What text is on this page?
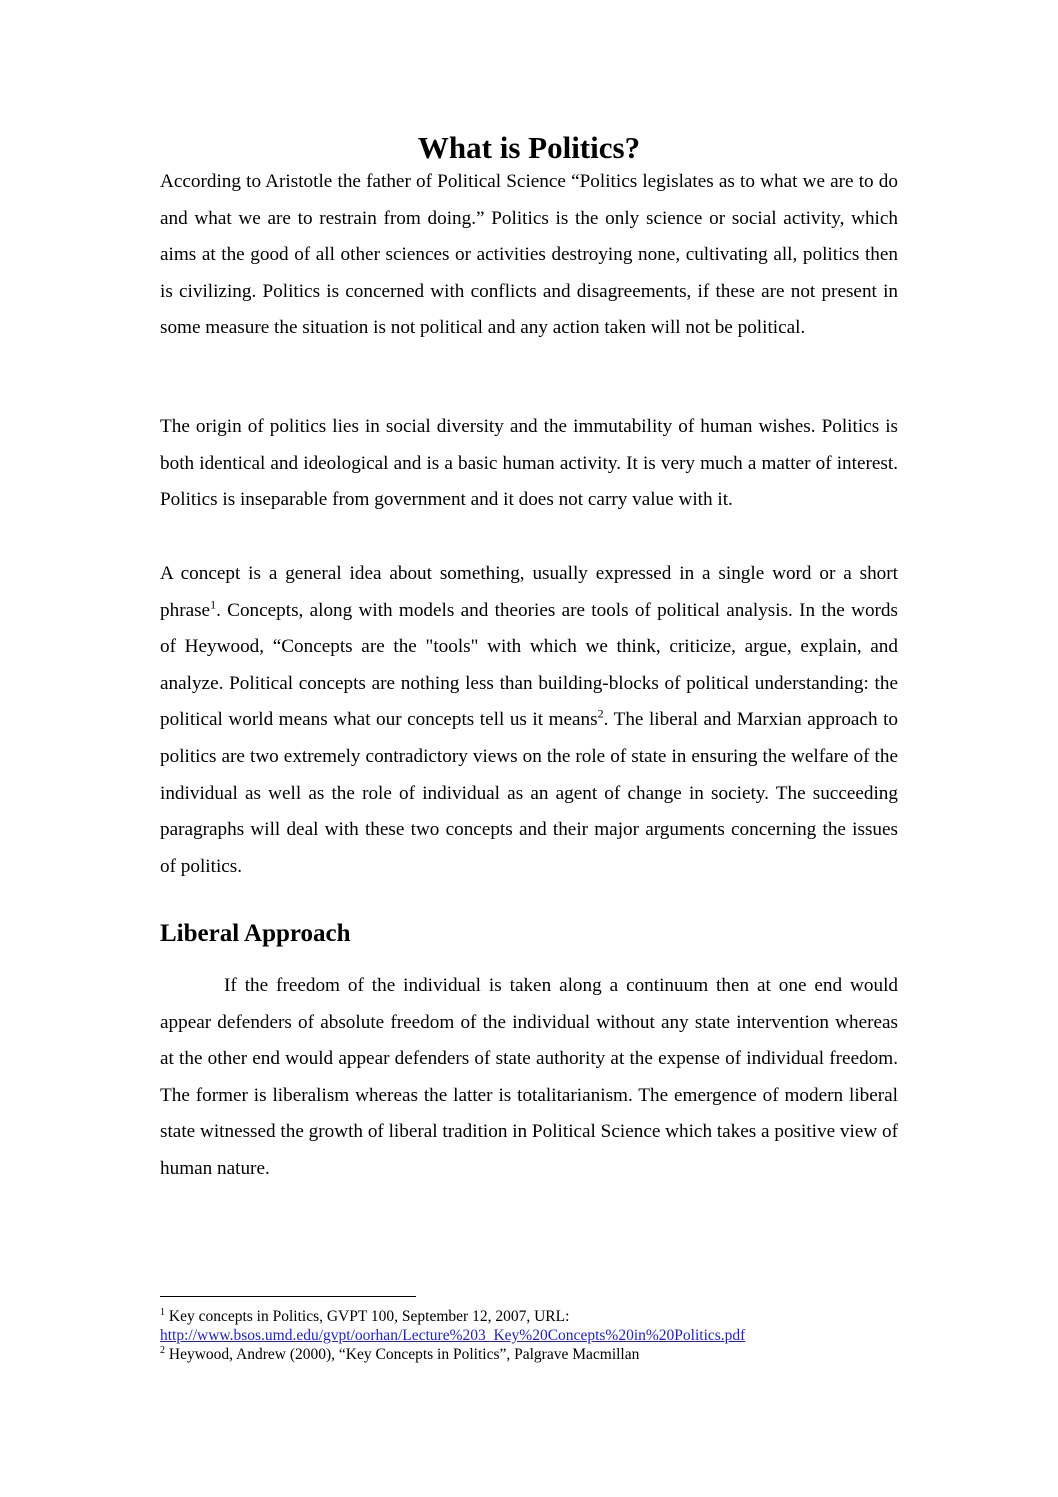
What is Politics?

According to Aristotle the father of Political Science “Politics legislates as to what we are to do and what we are to restrain from doing.” Politics is the only science or social activity, which aims at the good of all other sciences or activities destroying none, cultivating all, politics then is civilizing. Politics is concerned with conflicts and disagreements, if these are not present in some measure the situation is not political and any action taken will not be political.

The origin of politics lies in social diversity and the immutability of human wishes. Politics is both identical and ideological and is a basic human activity. It is very much a matter of interest. Politics is inseparable from government and it does not carry value with it.

A concept is a general idea about something, usually expressed in a single word or a short phrase$^1$. Concepts, along with models and theories are tools of political analysis. In the words of Heywood, “Concepts are the "tools" with which we think, criticize, argue, explain, and analyze. Political concepts are nothing less than building-blocks of political understanding: the political world means what our concepts tell us it means$^2$. The liberal and Marxian approach to politics are two extremely contradictory views on the role of state in ensuring the welfare of the individual as well as the role of individual as an agent of change in society. The succeeding paragraphs will deal with these two concepts and their major arguments concerning the issues of politics.

Liberal Approach

If the freedom of the individual is taken along a continuum then at one end would appear defenders of absolute freedom of the individual without any state intervention whereas at the other end would appear defenders of state authority at the expense of individual freedom. The former is liberalism whereas the latter is totalitarianism. The emergence of modern liberal state witnessed the growth of liberal tradition in Political Science which takes a positive view of human nature.

$^1$ Key concepts in Politics, GVPT 100, September 12, 2007, URL:

http://www.bsos.umd.edu/gvpt/oorhan/Lecture%203_Key%20Concepts%20in%20Politics.pdf

$^2$ Heywood, Andrew (2000), “Key Concepts in Politics”, Palgrave Macmillan
